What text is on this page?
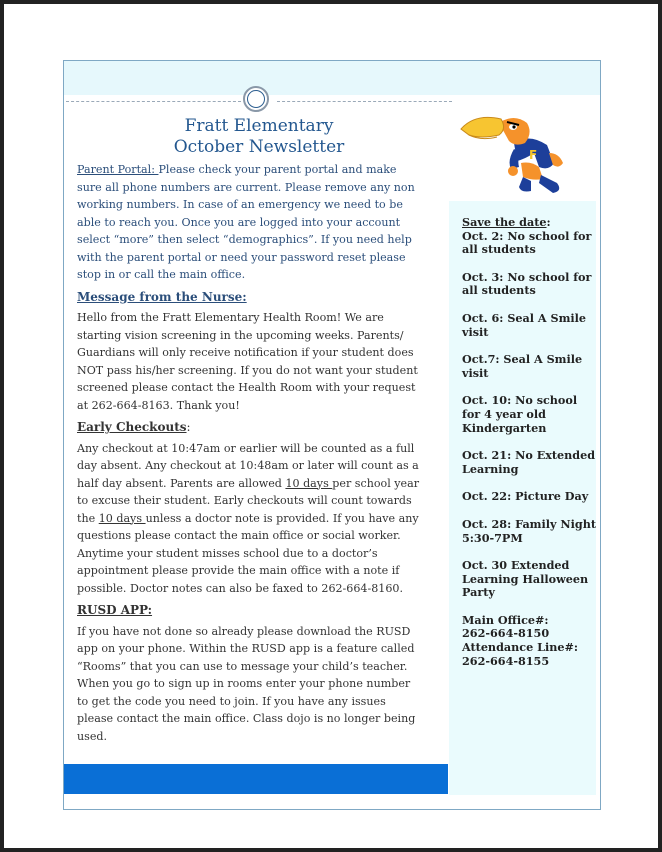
Fratt Elementary
October Newsletter
Parent Portal: Please check your parent portal and make sure all phone numbers are current. Please remove any non working numbers. In case of an emergency we need to be able to reach you. Once you are logged into your account select “more” then select “demographics”. If you need help with the parent portal or need your password reset please stop in or call the main office.
Message from the Nurse:
Hello from the Fratt Elementary Health Room! We are starting vision screening in the upcoming weeks. Parents/ Guardians will only receive notification if your student does NOT pass his/her screening. If you do not want your student screened please contact the Health Room with your request at 262-664-8163. Thank you!
Early Checkouts:
Any checkout at 10:47am or earlier will be counted as a full day absent. Any checkout at 10:48am or later will count as a half day absent. Parents are allowed 10 days per school year to excuse their student. Early checkouts will count towards the 10 days unless a doctor note is provided. If you have any questions please contact the main office or social worker. Anytime your student misses school due to a doctor’s appointment please provide the main office with a note if possible. Doctor notes can also be faxed to 262-664-8160.
RUSD APP:
If you have not done so already please download the RUSD app on your phone. Within the RUSD app is a feature called “Rooms” that you can use to message your child’s teacher. When you go to sign up in rooms enter your phone number to get the code you need to join. If you have any issues please contact the main office. Class dojo is no longer being used.
F
Save the date:
Oct. 2: No school for all students
Oct. 3: No school for all students
Oct. 6: Seal A Smile visit
Oct.7: Seal A Smile visit
Oct. 10: No school for 4 year old Kindergarten
Oct. 21: No Extended Learning
Oct. 22: Picture Day
Oct. 28: Family Night 5:30-7PM
Oct. 30 Extended Learning Halloween Party
Main Office#:
262-664-8150
Attendance Line#:
262-664-8155
